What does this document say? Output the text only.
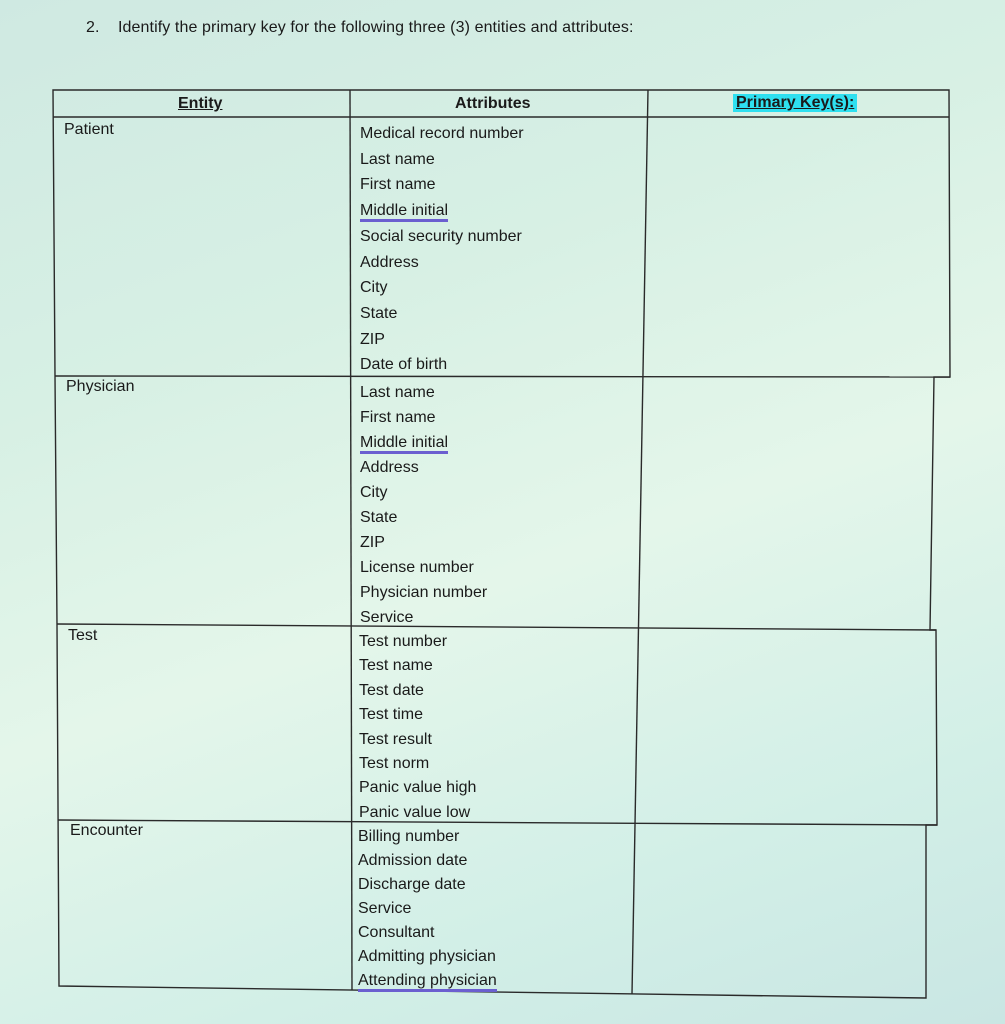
2. Identify the primary key for the following three (3) entities and attributes:
Entity	Attributes	Primary Key(s):
Patient	Medical record number
Last name
First name
Middle initial
Social security number
Address
City
State
ZIP
Date of birth
Physician	Last name
First name
Middle initial
Address
City
State
ZIP
License number
Physician number
Service
Test	Test number
Test name
Test date
Test time
Test result
Test norm
Panic value high
Panic value low
Encounter	Billing number
Admission date
Discharge date
Service
Consultant
Admitting physician
Attending physician
